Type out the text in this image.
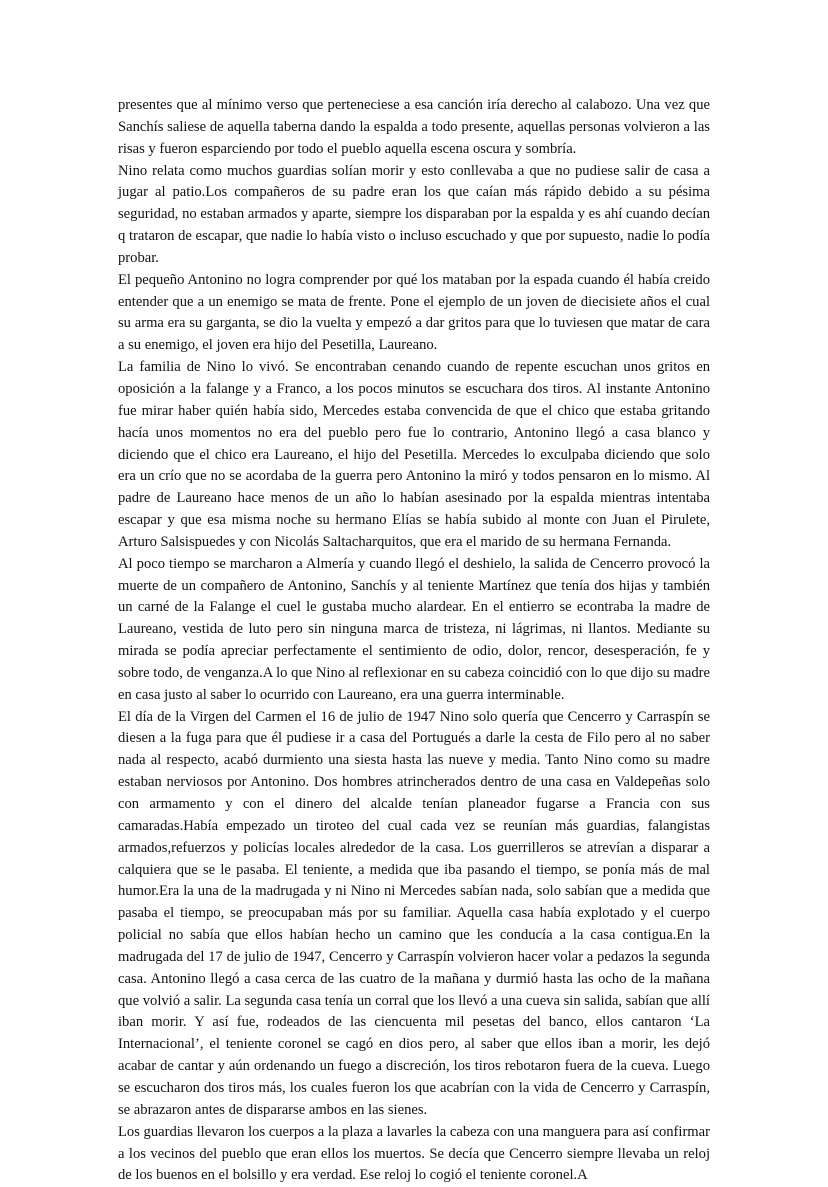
presentes que al mínimo verso que perteneciese a esa canción iría derecho al calabozo. Una vez que Sanchís saliese de aquella taberna dando la espalda a todo presente, aquellas personas volvieron a las risas y fueron esparciendo por todo el pueblo aquella escena oscura y sombría.

Nino relata como muchos guardias solían morir y esto conllevaba a que no pudiese salir de casa a jugar al patio.Los compañeros de su padre eran los que caían más rápido debido a su pésima seguridad, no estaban armados y aparte, siempre los disparaban por la espalda y es ahí cuando decían q trataron de escapar, que nadie lo había visto o incluso escuchado y que por supuesto, nadie lo podía probar.

El pequeño Antonino no logra comprender por qué los mataban por la espada cuando él había creido entender que a un enemigo se mata de frente. Pone el ejemplo de un joven de diecisiete años el cual su arma era su garganta, se dio la vuelta y empezó a dar gritos para que lo tuviesen que matar de cara a su enemigo, el joven era hijo del Pesetilla, Laureano.

La familia de Nino lo vivó. Se encontraban cenando cuando de repente escuchan unos gritos en oposición a la falange y a Franco, a los pocos minutos se escuchara dos tiros. Al instante Antonino fue mirar haber quién había sido, Mercedes estaba convencida de que el chico que estaba gritando hacía unos momentos no era del pueblo pero fue lo contrario, Antonino llegó a casa blanco y diciendo que el chico era Laureano, el hijo del Pesetilla. Mercedes lo exculpaba diciendo que solo era un crío que no se acordaba de la guerra pero Antonino la miró y todos pensaron en lo mismo. Al padre de Laureano hace menos de un año lo habían asesinado por la espalda mientras intentaba escapar y que esa misma noche su hermano Elías se había subido al monte con Juan el Pirulete, Arturo Salsispuedes y con Nicolás Saltacharquitos, que era el marido de su hermana Fernanda.

Al poco tiempo se marcharon a Almería y cuando llegó el deshielo, la salida de Cencerro provocó la muerte de un compañero de Antonino, Sanchís y al teniente Martínez que tenía dos hijas y también un carné de la Falange el cuel le gustaba mucho alardear. En el entierro se econtraba la madre de Laureano, vestida de luto pero sin ninguna marca de tristeza, ni lágrimas, ni llantos. Mediante su mirada se podía apreciar perfectamente el sentimiento de odio, dolor, rencor, desesperación, fe y sobre todo, de venganza.A lo que Nino al reflexionar en su cabeza coincidió con lo que dijo su madre en casa justo al saber lo ocurrido con Laureano, era una guerra interminable.

El día de la Virgen del Carmen el 16 de julio de 1947 Nino solo quería que Cencerro y Carraspín se diesen a la fuga para que él pudiese ir a casa del Portugués a darle la cesta de Filo pero al no saber nada al respecto, acabó durmiento una siesta hasta las nueve y media. Tanto Nino como su madre estaban nerviosos por Antonino. Dos hombres atrincherados dentro de una casa en Valdepeñas solo con armamento y con el dinero del alcalde tenían planeador fugarse a Francia con sus camaradas.Había empezado un tiroteo del cual cada vez se reunían más guardias, falangistas armados,refuerzos y policías locales alrededor de la casa. Los guerrilleros se atrevían a disparar a calquiera que se le pasaba. El teniente, a medida que iba pasando el tiempo, se ponía más de mal humor.Era la una de la madrugada y ni Nino ni Mercedes sabían nada, solo sabían que a medida que pasaba el tiempo, se preocupaban más por su familiar. Aquella casa había explotado y el cuerpo policial no sabía que ellos habían hecho un camino que les conducía a la casa contigua.En la madrugada del 17 de julio de 1947, Cencerro y Carraspín volvieron hacer volar a pedazos la segunda casa. Antonino llegó a casa cerca de las cuatro de la mañana y durmió hasta las ocho de la mañana que volvió a salir. La segunda casa tenía un corral que los llevó a una cueva sin salida, sabían que allí iban morir. Y así fue, rodeados de las ciencuenta mil pesetas del banco, ellos cantaron ‘La Internacional’, el teniente coronel se cagó en dios pero, al saber que ellos iban a morir, les dejó acabar de cantar y aún ordenando un fuego a discreción, los tiros rebotaron fuera de la cueva. Luego se escucharon dos tiros más, los cuales fueron los que acabrían con la vida de Cencerro y Carraspín, se abrazaron antes de dispararse ambos en las sienes.

Los guardias llevaron los cuerpos a la plaza a lavarles la cabeza con una manguera para así confirmar a los vecinos del pueblo que eran ellos los muertos. Se decía que Cencerro siempre llevaba un reloj de los buenos en el bolsillo y era verdad. Ese reloj lo cogió el teniente coronel.A
